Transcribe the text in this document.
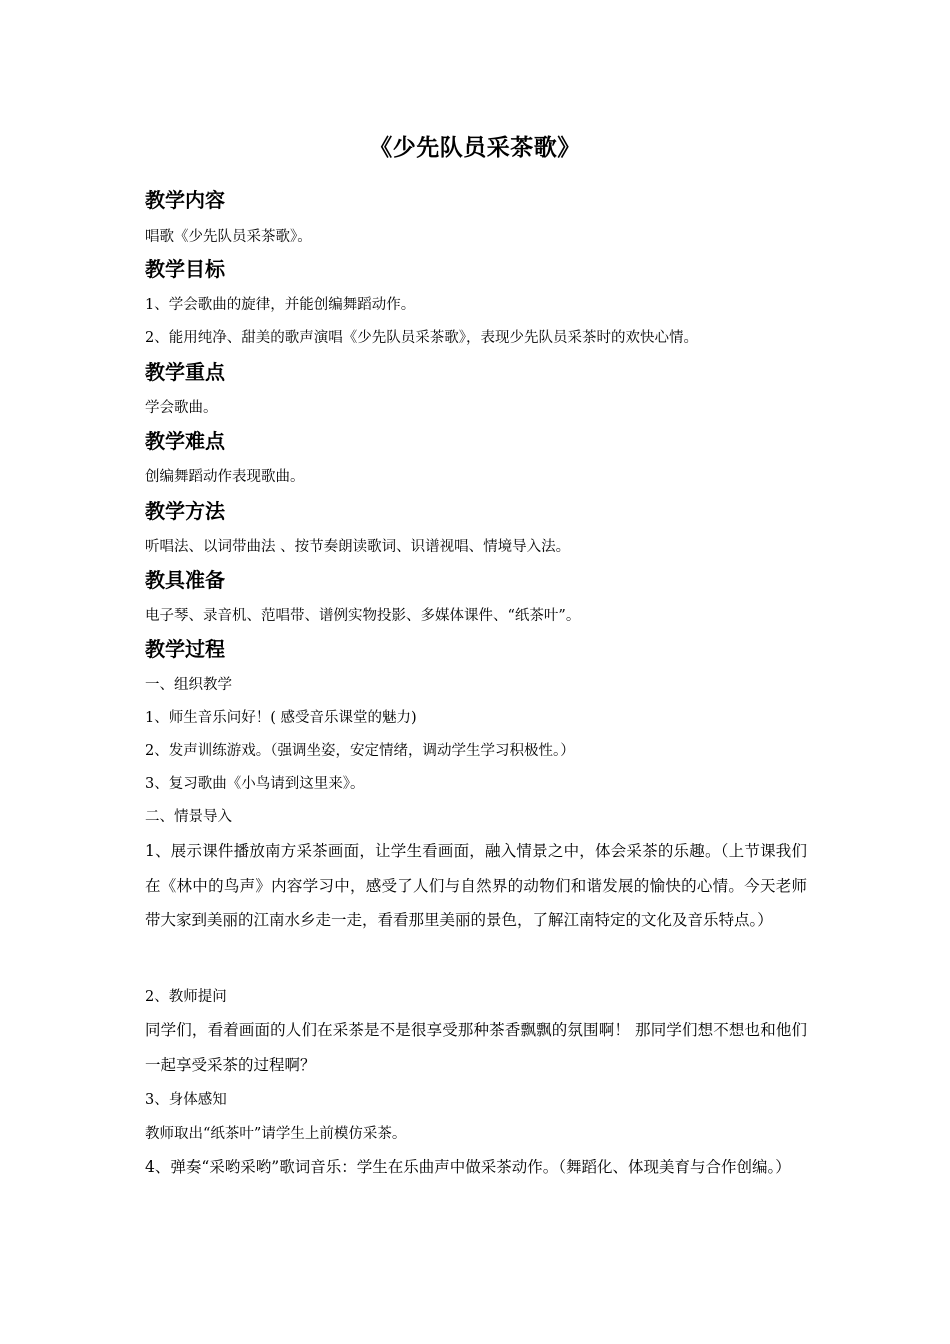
《少先队员采茶歌》
教学内容
唱歌《少先队员采茶歌》。
教学目标
1、学会歌曲的旋律，并能创编舞蹈动作。
2、能用纯净、甜美的歌声演唱《少先队员采茶歌》，表现少先队员采茶时的欢快心情。
教学重点
学会歌曲。
教学难点
创编舞蹈动作表现歌曲。
教学方法
听唱法、以词带曲法 、按节奏朗读歌词、识谱视唱、情境导入法。
教具准备
电子琴、录音机、范唱带、谱例实物投影、多媒体课件、“纸茶叶”。
教学过程
一、组织教学
1、师生音乐问好！( 感受音乐课堂的魅力)
2、发声训练游戏。（强调坐姿，安定情绪，调动学生学习积极性。）
3、复习歌曲《小鸟请到这里来》。
二、情景导入
1、展示课件播放南方采茶画面，让学生看画面，融入情景之中，体会采茶的乐趣。（上节课我们在《林中的鸟声》内容学习中，感受了人们与自然界的动物们和谐发展的愉快的心情。今天老师带大家到美丽的江南水乡走一走，看看那里美丽的景色，了解江南特定的文化及音乐特点。）
2、教师提问
同学们，看着画面的人们在采茶是不是很享受那种茶香飘飘的氛围啊！ 那同学们想不想也和他们一起享受采茶的过程啊？
3、身体感知
教师取出“纸茶叶”请学生上前模仿采茶。
4、弹奏“采哟采哟”歌词音乐：学生在乐曲声中做采茶动作。（舞蹈化、体现美育与合作创编。）
